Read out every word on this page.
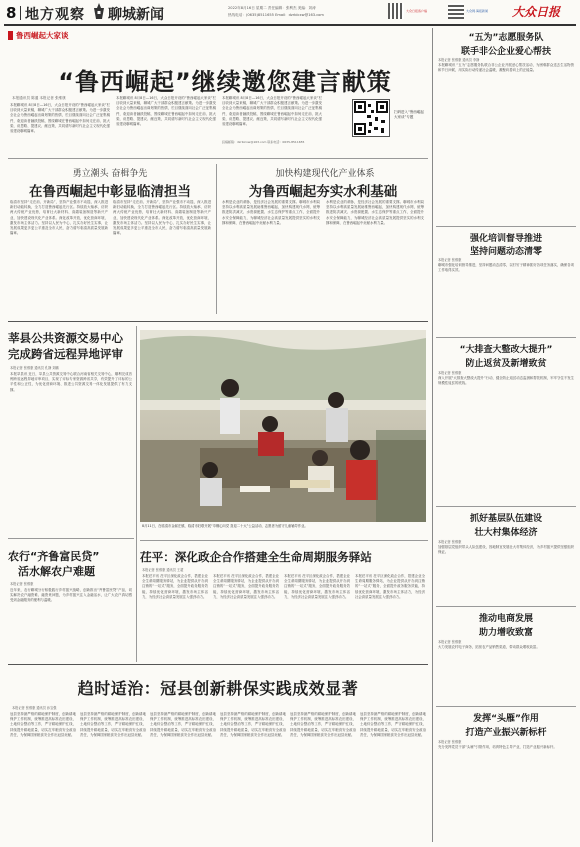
8 地方观察 聊城新闻	2022年8月16日 星期二 责任编辑：张利杰 美编：刘涛
热线电话：(0635)8511655 Email：dzrblcxw@163.com
大众日报客户端	大众网·海报新闻 大众日报
鲁西崛起大家谈
“鲁西崛起”继续邀您建言献策
本报通讯员 陈通 本报记者 张维康
本报聊城讯 8月8日—16日，大众日报开设的“鲁西崛起大家谈”栏目收到大量来稿，聊城广大干部群众积极建言献策。为进一步激发全社会为鲁西崛起出谋划策的热情，栏目继续面向社会广泛征集稿件，欢迎读者踊跃投稿，围绕聊城在鲁西崛起中如何走在前、挑大梁，谈思路、提建议、献良策，共同谱写新时代社会主义现代化强省建设聊城篇章。
本报聊城讯 8月8日—16日，大众日报开设的“鲁西崛起大家谈”栏目收到大量来稿，聊城广大干部群众积极建言献策。为进一步激发全社会为鲁西崛起出谋划策的热情，栏目继续面向社会广泛征集稿件，欢迎读者踊跃投稿，围绕聊城在鲁西崛起中如何走在前、挑大梁，谈思路、提建议、献良策，共同谱写新时代社会主义现代化强省建设聊城篇章。
本报聊城讯 8月8日—16日，大众日报开设的“鲁西崛起大家谈”栏目收到大量来稿，聊城广大干部群众积极建言献策。为进一步激发全社会为鲁西崛起出谋划策的热情，栏目继续面向社会广泛征集稿件，欢迎读者踊跃投稿，围绕聊城在鲁西崛起中如何走在前、挑大梁，谈思路、提建议、献良策，共同谱写新时代社会主义现代化强省建设聊城篇章。
投稿邮箱：dzrblcxw@163.com 联系电话：0635-8511655
扫码进入“鲁西崛起大家谈”专题
勇立潮头 奋楫争先
在鲁西崛起中彰显临清担当
临清市坚持“走在前、开新局”，坚持产业强市不动摇，深入推进新旧动能转换，全力打造鲁西崛起先行区。持续放大轴承、纺织两大传统产业优势，培育壮大新材料、高端装备制造等新兴产业，加快建设现代化产业体系。深化改革开放，优化营商环境，激发市场主体活力。坚持以人民为中心，扎实办好民生实事，让发展成果更多更公平惠及全市人民，奋力谱写临清高质量发展新篇章。
临清市坚持“走在前、开新局”，坚持产业强市不动摇，深入推进新旧动能转换，全力打造鲁西崛起先行区。持续放大轴承、纺织两大传统产业优势，培育壮大新材料、高端装备制造等新兴产业，加快建设现代化产业体系。深化改革开放，优化营商环境，激发市场主体活力。坚持以人民为中心，扎实办好民生实事，让发展成果更多更公平惠及全市人民，奋力谱写临清高质量发展新篇章。
加快构建现代化产业体系
为鲁西崛起夯实水利基础
水利是农业的命脉，是经济社会发展的重要支撑。聊城市水利局坚持以水利高质量发展助推鲁西崛起，加快构建现代水网，统筹推进防洪减灾、水资源配置、水生态保护等重点工作，全面提升水安全保障能力，为聊城经济社会高质量发展提供坚实的水利支撑和保障，在鲁西崛起中贡献水利力量。
水利是农业的命脉，是经济社会发展的重要支撑。聊城市水利局坚持以水利高质量发展助推鲁西崛起，加快构建现代水网，统筹推进防洪减灾、水资源配置、水生态保护等重点工作，全面提升水安全保障能力，为聊城经济社会高质量发展提供坚实的水利支撑和保障，在鲁西崛起中贡献水利力量。
莘县公共资源交易中心
完成跨省远程异地评审
本报记者 张维康 通讯员 孔静 刘鹏
本报莘县讯 近日，莘县公共资源交易中心联合河南省相关交易中心，顺利完成首例跨省远程异地评审项目，实现了评标专家资源跨省共享，有效提升了评标的公平性和公正性，为优化营商环境、推进公共资源交易一体化发展提供了有力支撑。
农行“齐鲁富民贷”
活水解农户难题
本报记者 张维康
近年来，农行聊城分行积极践行乡村振兴战略，创新推出“齐鲁富民贷”产品，切实解决农户融资难、融资贵问题，为乡村振兴注入金融活水，让广大农户真切感受到金融服务的便利与温暖。
8月11日，在临清市金郝庄镇，临清市妇联开展“巾帼心向党 喜迎二十大”公益活动，志愿者为留守儿童辅导作业。
茌平：深化政企合作搭建全生命周期服务驿站
本报记者 张维康 通讯员 王超
本报茌平讯 茌平区深化政企合作，搭建企业全生命周期服务驿站，为企业提供从开办到注销的“一站式”服务，全面提升政务服务效能，持续优化营商环境，激发市场主体活力，为经济社会高质量发展注入强劲动力。
本报茌平讯 茌平区深化政企合作，搭建企业全生命周期服务驿站，为企业提供从开办到注销的“一站式”服务，全面提升政务服务效能，持续优化营商环境，激发市场主体活力，为经济社会高质量发展注入强劲动力。
本报茌平讯 茌平区深化政企合作，搭建企业全生命周期服务驿站，为企业提供从开办到注销的“一站式”服务，全面提升政务服务效能，持续优化营商环境，激发市场主体活力，为经济社会高质量发展注入强劲动力。
本报茌平讯 茌平区深化政企合作，搭建企业全生命周期服务驿站，为企业提供从开办到注销的“一站式”服务，全面提升政务服务效能，持续优化营商环境，激发市场主体活力，为经济社会高质量发展注入强劲动力。
趋时适治：冠县创新耕保实践成效显著
本报记者 张维康 通讯员 孙宝强
冠县坚持最严格的耕地保护制度，创新耕地保护工作机制，统筹推进高标准农田建设、土地综合整治等工作，严守耕地保护红线，持续提升耕地质量，切实扛牢粮食安全政治责任，为保障国家粮食安全作出冠县贡献。
冠县坚持最严格的耕地保护制度，创新耕地保护工作机制，统筹推进高标准农田建设、土地综合整治等工作，严守耕地保护红线，持续提升耕地质量，切实扛牢粮食安全政治责任，为保障国家粮食安全作出冠县贡献。
冠县坚持最严格的耕地保护制度，创新耕地保护工作机制，统筹推进高标准农田建设、土地综合整治等工作，严守耕地保护红线，持续提升耕地质量，切实扛牢粮食安全政治责任，为保障国家粮食安全作出冠县贡献。
冠县坚持最严格的耕地保护制度，创新耕地保护工作机制，统筹推进高标准农田建设、土地综合整治等工作，严守耕地保护红线，持续提升耕地质量，切实扛牢粮食安全政治责任，为保障国家粮食安全作出冠县贡献。
冠县坚持最严格的耕地保护制度，创新耕地保护工作机制，统筹推进高标准农田建设、土地综合整治等工作，严守耕地保护红线，持续提升耕地质量，切实扛牢粮食安全政治责任，为保障国家粮食安全作出冠县贡献。
冠县坚持最严格的耕地保护制度，创新耕地保护工作机制，统筹推进高标准农田建设、土地综合整治等工作，严守耕地保护红线，持续提升耕地质量，切实扛牢粮食安全政治责任，为保障国家粮食安全作出冠县贡献。
“五为”志愿服务队
联手非公企业爱心帮扶
本报记者 张维康 通讯员 李静
本报聊城讯 “五为”志愿服务队联合非公企业开展爱心帮扶活动，为困难群众送去生活物资和节日问候，用实际行动传递社会温暖，凝聚向善向上的正能量。
强化培训督导推进
坚持问题动态清零
本报记者 张维康
聊城市强化培训督导推进，坚持问题动态清零，以钉钉子精神抓好各项任务落实，确保各项工作取得实效。
“大排查大整改大提升”
防止返贫及新增致贫
本报记者 张维康
深入开展“大排查大整改大提升”行动，健全防止返贫动态监测和帮扶机制，牢牢守住不发生规模性返贫的底线。
抓好基层队伍建设
壮大村集体经济
本报记者 张维康
加强基层党组织带头人队伍建设，因地制宜发展壮大村集体经济，为乡村振兴提供坚强组织保证。
推动电商发展
助力增收致富
本报记者 张维康
大力发展农村电子商务，拓宽农产品销售渠道，带动群众增收致富。
发挥“头雁”作用
打造产业振兴新标杆
本报记者 张维康
充分发挥党员干部“头雁”引领作用，培育特色主导产业，打造产业振兴新标杆。
